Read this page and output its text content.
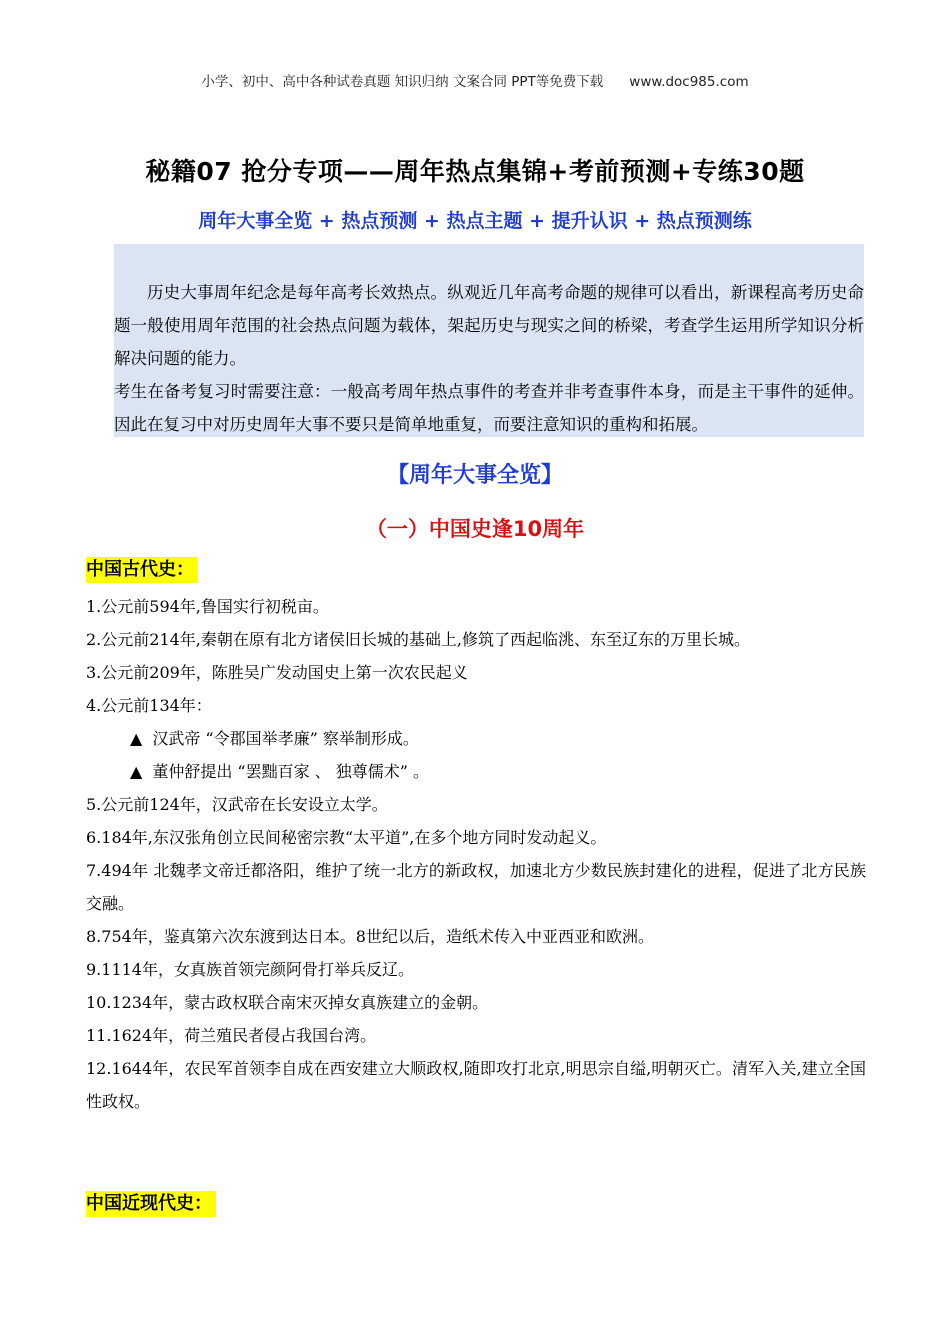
小学、初中、高中各种试卷真题 知识归纳 文案合同 PPT等免费下载 www.doc985.com
秘籍07 抢分专项——周年热点集锦+考前预测+专练30题
周年大事全览 + 热点预测 + 热点主题 + 提升认识 + 热点预测练

历史大事周年纪念是每年高考长效热点。纵观近几年高考命题的规律可以看出，新课程高考历史命题一般使用周年范围的社会热点问题为载体，架起历史与现实之间的桥梁，考查学生运用所学知识分析解决问题的能力。

考生在备考复习时需要注意：一般高考周年热点事件的考查并非考查事件本身，而是主干事件的延伸。因此在复习中对历史周年大事不要只是简单地重复，而要注意知识的重构和拓展。

【周年大事全览】
（一）中国史逢10周年
中国古代史：
1.公元前594年,鲁国实行初税亩。
2.公元前214年,秦朝在原有北方诸侯旧长城的基础上,修筑了西起临洮、东至辽东的万里长城。
3.公元前209年，陈胜吴广发动国史上第一次农民起义
4.公元前134年：
▲ 汉武帝 “令郡国举孝廉” 察举制形成。
▲ 董仲舒提出 “罢黜百家 、 独尊儒术” 。
5.公元前124年，汉武帝在长安设立太学。
6.184年,东汉张角创立民间秘密宗教“太平道”,在多个地方同时发动起义。
7.494年 北魏孝文帝迁都洛阳，维护了统一北方的新政权，加速北方少数民族封建化的进程，促进了北方民族交融。
8.754年，鉴真第六次东渡到达日本。8世纪以后，造纸术传入中亚西亚和欧洲。
9.1114年，女真族首领完颜阿骨打举兵反辽。
10.1234年，蒙古政权联合南宋灭掉女真族建立的金朝。
11.1624年，荷兰殖民者侵占我国台湾。
12.1644年，农民军首领李自成在西安建立大顺政权,随即攻打北京,明思宗自缢,明朝灭亡。清军入关,建立全国性政权。
中国近现代史：
